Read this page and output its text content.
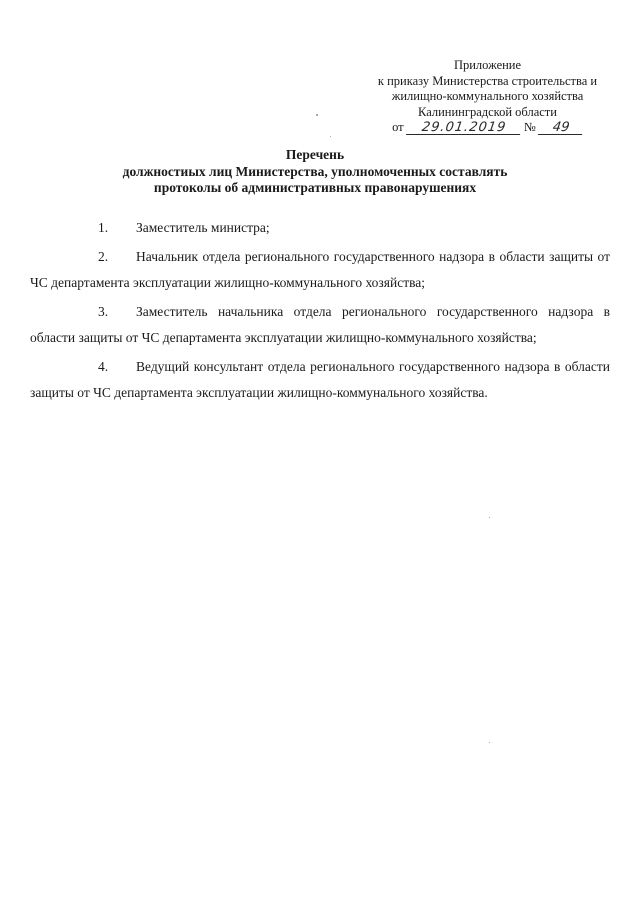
Приложение
к приказу Министерства строительства и
жилищно-коммунального хозяйства
Калининградской области
от 29.01.2019 № 49
Перечень
должностиых лиц Министерства, уполномоченных составлять
протоколы об административных правонарушениях
1. Заместитель министра;
2. Начальник отдела регионального государственного надзора в области защиты от ЧС департамента эксплуатации жилищно-коммунального хозяйства;
3. Заместитель начальника отдела регионального государственного надзора в области защиты от ЧС департамента эксплуатации жилищно-коммунального хозяйства;
4. Ведущий консультант отдела регионального государственного надзора в области защиты от ЧС департамента эксплуатации жилищно-коммунального хозяйства.
